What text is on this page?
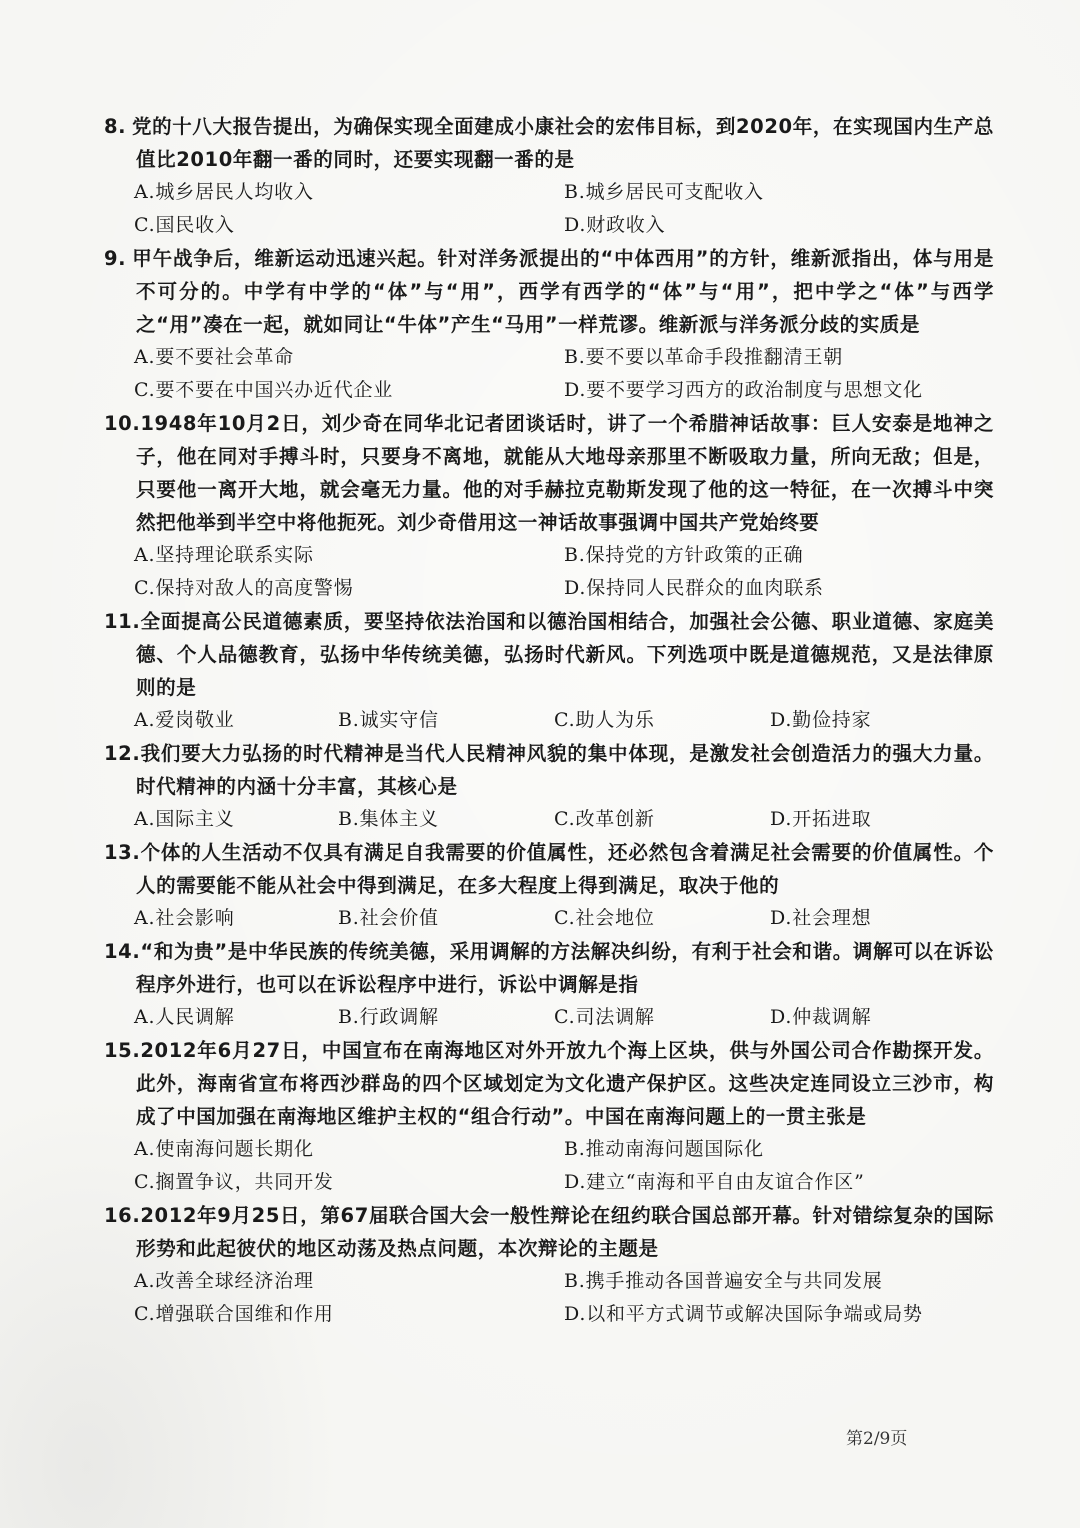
8. 党的十八大报告提出，为确保实现全面建成小康社会的宏伟目标，到2020年，在实现国内生产总值比2010年翻一番的同时，还要实现翻一番的是
A.城乡居民人均收入	B.城乡居民可支配收入
C.国民收入	D.财政收入
9. 甲午战争后，维新运动迅速兴起。针对洋务派提出的“中体西用”的方针，维新派指出，体与用是不可分的。中学有中学的“体”与“用”，西学有西学的“体”与“用”，把中学之“体”与西学之“用”凑在一起，就如同让“牛体”产生“马用”一样荒谬。维新派与洋务派分歧的实质是
A.要不要社会革命	B.要不要以革命手段推翻清王朝
C.要不要在中国兴办近代企业	D.要不要学习西方的政治制度与思想文化
10.1948年10月2日，刘少奇在同华北记者团谈话时，讲了一个希腊神话故事：巨人安泰是地神之子，他在同对手搏斗时，只要身不离地，就能从大地母亲那里不断吸取力量，所向无敌；但是，只要他一离开大地，就会毫无力量。他的对手赫拉克勒斯发现了他的这一特征，在一次搏斗中突然把他举到半空中将他扼死。刘少奇借用这一神话故事强调中国共产党始终要
A.坚持理论联系实际	B.保持党的方针政策的正确
C.保持对敌人的高度警惕	D.保持同人民群众的血肉联系
11.全面提高公民道德素质，要坚持依法治国和以德治国相结合，加强社会公德、职业道德、家庭美德、个人品德教育，弘扬中华传统美德，弘扬时代新风。下列选项中既是道德规范，又是法律原则的是
A.爱岗敬业	B.诚实守信	C.助人为乐	D.勤俭持家
12.我们要大力弘扬的时代精神是当代人民精神风貌的集中体现，是激发社会创造活力的强大力量。时代精神的内涵十分丰富，其核心是
A.国际主义	B.集体主义	C.改革创新	D.开拓进取
13.个体的人生活动不仅具有满足自我需要的价值属性，还必然包含着满足社会需要的价值属性。个人的需要能不能从社会中得到满足，在多大程度上得到满足，取决于他的
A.社会影响	B.社会价值	C.社会地位	D.社会理想
14.“和为贵”是中华民族的传统美德，采用调解的方法解决纠纷，有利于社会和谐。调解可以在诉讼程序外进行，也可以在诉讼程序中进行，诉讼中调解是指
A.人民调解	B.行政调解	C.司法调解	D.仲裁调解
15.2012年6月27日，中国宣布在南海地区对外开放九个海上区块，供与外国公司合作勘探开发。此外，海南省宣布将西沙群岛的四个区域划定为文化遗产保护区。这些决定连同设立三沙市，构成了中国加强在南海地区维护主权的“组合行动”。中国在南海问题上的一贯主张是
A.使南海问题长期化	B.推动南海问题国际化
C.搁置争议，共同开发	D.建立“南海和平自由友谊合作区”
16.2012年9月25日，第67届联合国大会一般性辩论在纽约联合国总部开幕。针对错综复杂的国际形势和此起彼伏的地区动荡及热点问题，本次辩论的主题是
A.改善全球经济治理	B.携手推动各国普遍安全与共同发展
C.增强联合国维和作用	D.以和平方式调节或解决国际争端或局势
第2/9页
